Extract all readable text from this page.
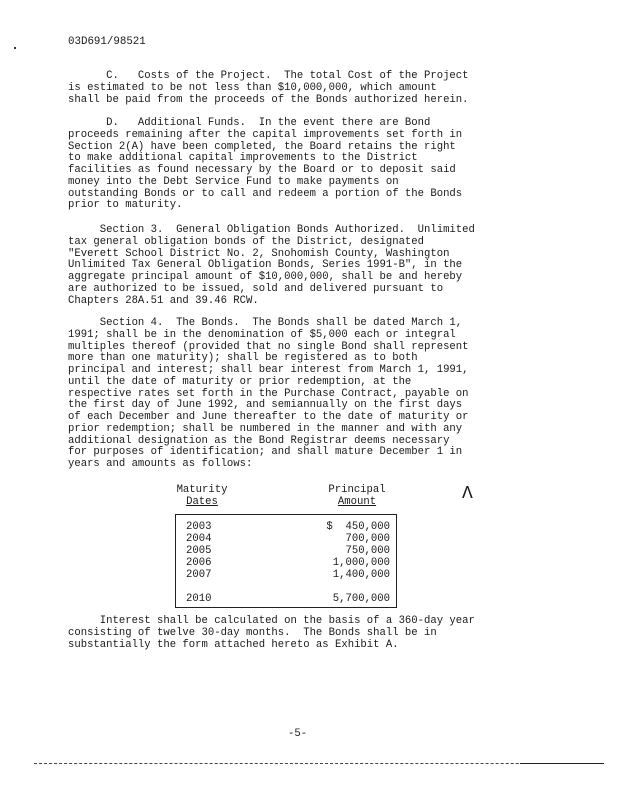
03D691/98521
C.   Costs of the Project.  The total Cost of the Project
is estimated to be not less than $10,000,000, which amount
shall be paid from the proceeds of the Bonds authorized herein.
D.   Additional Funds.  In the event there are Bond
proceeds remaining after the capital improvements set forth in
Section 2(A) have been completed, the Board retains the right
to make additional capital improvements to the District
facilities as found necessary by the Board or to deposit said
money into the Debt Service Fund to make payments on
outstanding Bonds or to call and redeem a portion of the Bonds
prior to maturity.
Section 3.  General Obligation Bonds Authorized.  Unlimited
tax general obligation bonds of the District, designated
"Everett School District No. 2, Snohomish County, Washington
Unlimited Tax General Obligation Bonds, Series 1991-B", in the
aggregate principal amount of $10,000,000, shall be and hereby
are authorized to be issued, sold and delivered pursuant to
Chapters 28A.51 and 39.46 RCW.
Section 4.  The Bonds.  The Bonds shall be dated March 1,
1991; shall be in the denomination of $5,000 each or integral
multiples thereof (provided that no single Bond shall represent
more than one maturity); shall be registered as to both
principal and interest; shall bear interest from March 1, 1991,
until the date of maturity or prior redemption, at the
respective rates set forth in the Purchase Contract, payable on
the first day of June 1992, and semiannually on the first days
of each December and June thereafter to the date of maturity or
prior redemption; shall be numbered in the manner and with any
additional designation as the Bond Registrar deems necessary
for purposes of identification; and shall mature December 1 in
years and amounts as follows:
Maturity
Dates
Principal
Amount	Λ
2003
2004
2005
2006
2007
2010
$  450,000
700,000
750,000
1,000,000
1,400,000
5,700,000
Interest shall be calculated on the basis of a 360-day year
consisting of twelve 30-day months.  The Bonds shall be in
substantially the form attached hereto as Exhibit A.
-5-
